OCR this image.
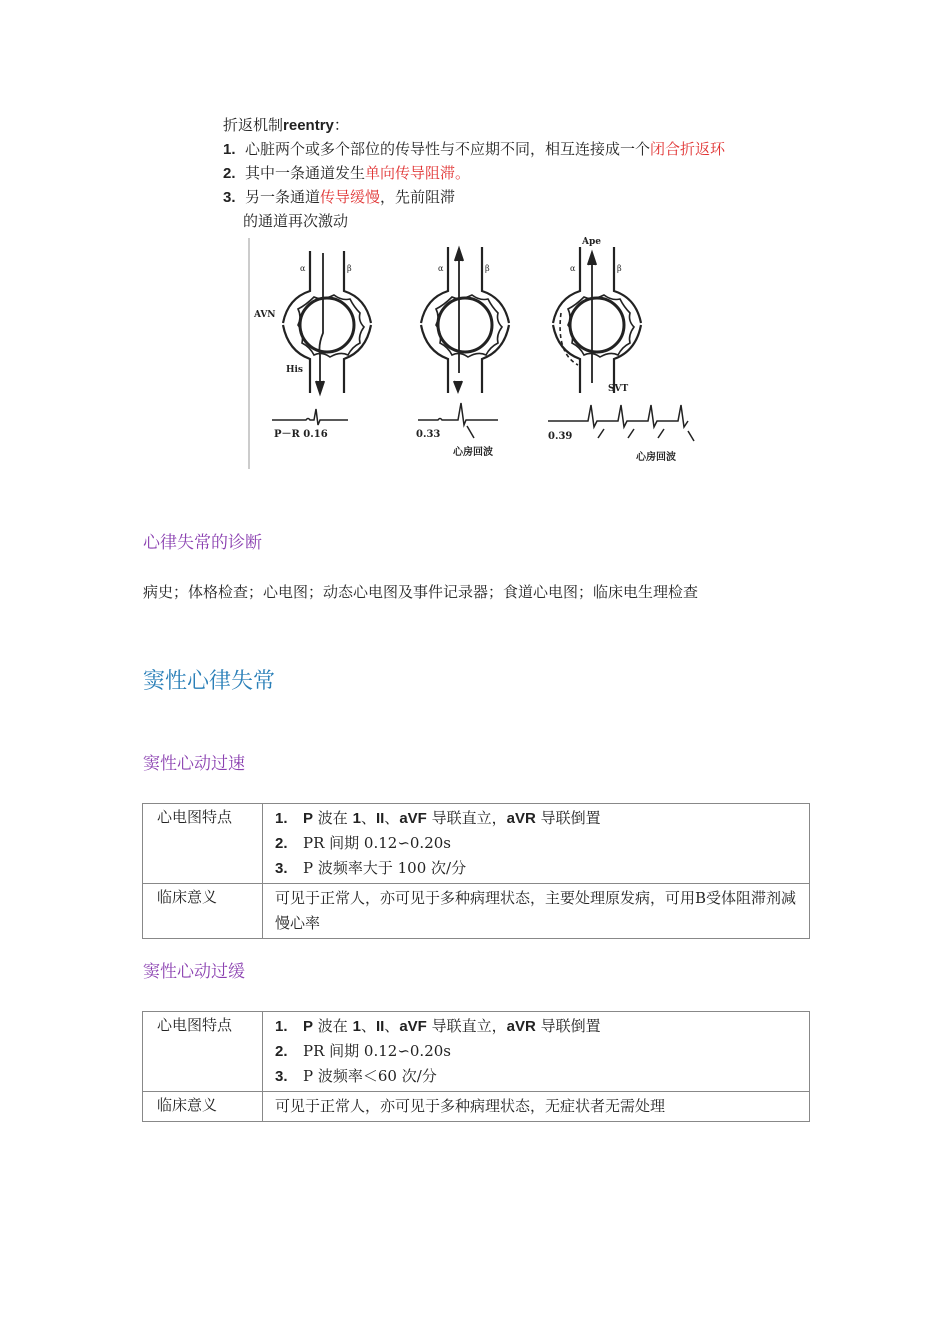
折返机制reentry：
1. 心脏两个或多个部位的传导性与不应期不同，相互连接成一个闭合折返环
2. 其中一条通道发生单向传导阻滞。
3. 另一条通道传导缓慢，先前阻滞
的通道再次激动
AVN
His
α	β	α	β	α	β
Ape
SVT
P－R 0.16	0.33	0.39
心房回波	心房回波
心律失常的诊断
病史；体格检查；心电图；动态心电图及事件记录器；食道心电图；临床电生理检查
窦性心律失常
窦性心动过速
心电图特点	1. P 波在 1、II、aVF 导联直立，aVR 导联倒置
2. PR 间期 0.12∽0.20s
3. P 波频率大于 100 次/分

临床意义	可见于正常人，亦可见于多种病理状态，主要处理原发病，可用Β受体阻滞剂减慢心率
窦性心动过缓
心电图特点	1. P 波在 1、II、aVF 导联直立，aVR 导联倒置
2. PR 间期 0.12∽0.20s
3. P 波频率＜60 次/分

临床意义	可见于正常人，亦可见于多种病理状态，无症状者无需处理
